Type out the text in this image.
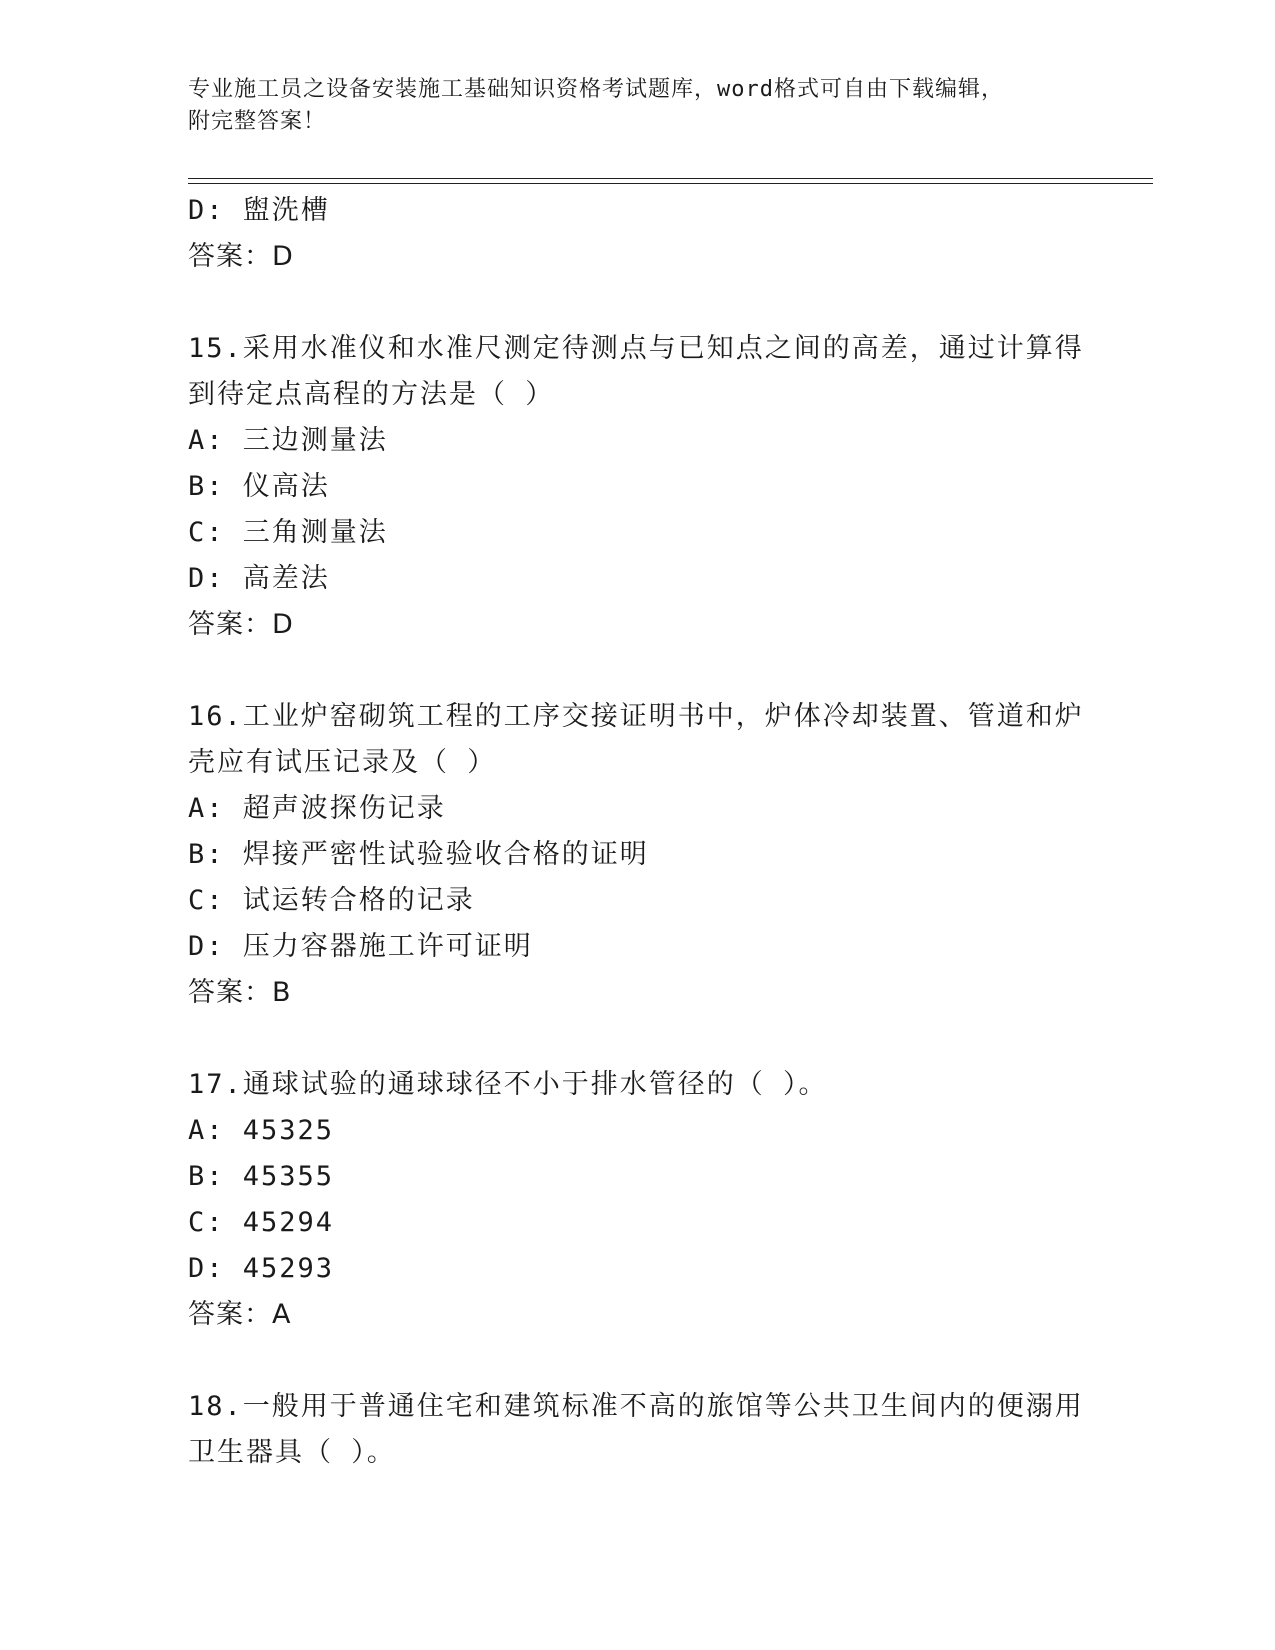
专业施工员之设备安装施工基础知识资格考试题库，word格式可自由下载编辑，
附完整答案！
D: 盥洗槽
答案：D
15.采用水准仪和水准尺测定待测点与已知点之间的高差，通过计算得
到待定点高程的方法是（ ）
A: 三边测量法
B: 仪高法
C: 三角测量法
D: 高差法
答案：D
16.工业炉窑砌筑工程的工序交接证明书中，炉体冷却装置、管道和炉
壳应有试压记录及（ ）
A: 超声波探伤记录
B: 焊接严密性试验验收合格的证明
C: 试运转合格的记录
D: 压力容器施工许可证明
答案：B
17.通球试验的通球球径不小于排水管径的（ ）。
A: 45325
B: 45355
C: 45294
D: 45293
答案：A
18.一般用于普通住宅和建筑标准不高的旅馆等公共卫生间内的便溺用
卫生器具（ ）。
